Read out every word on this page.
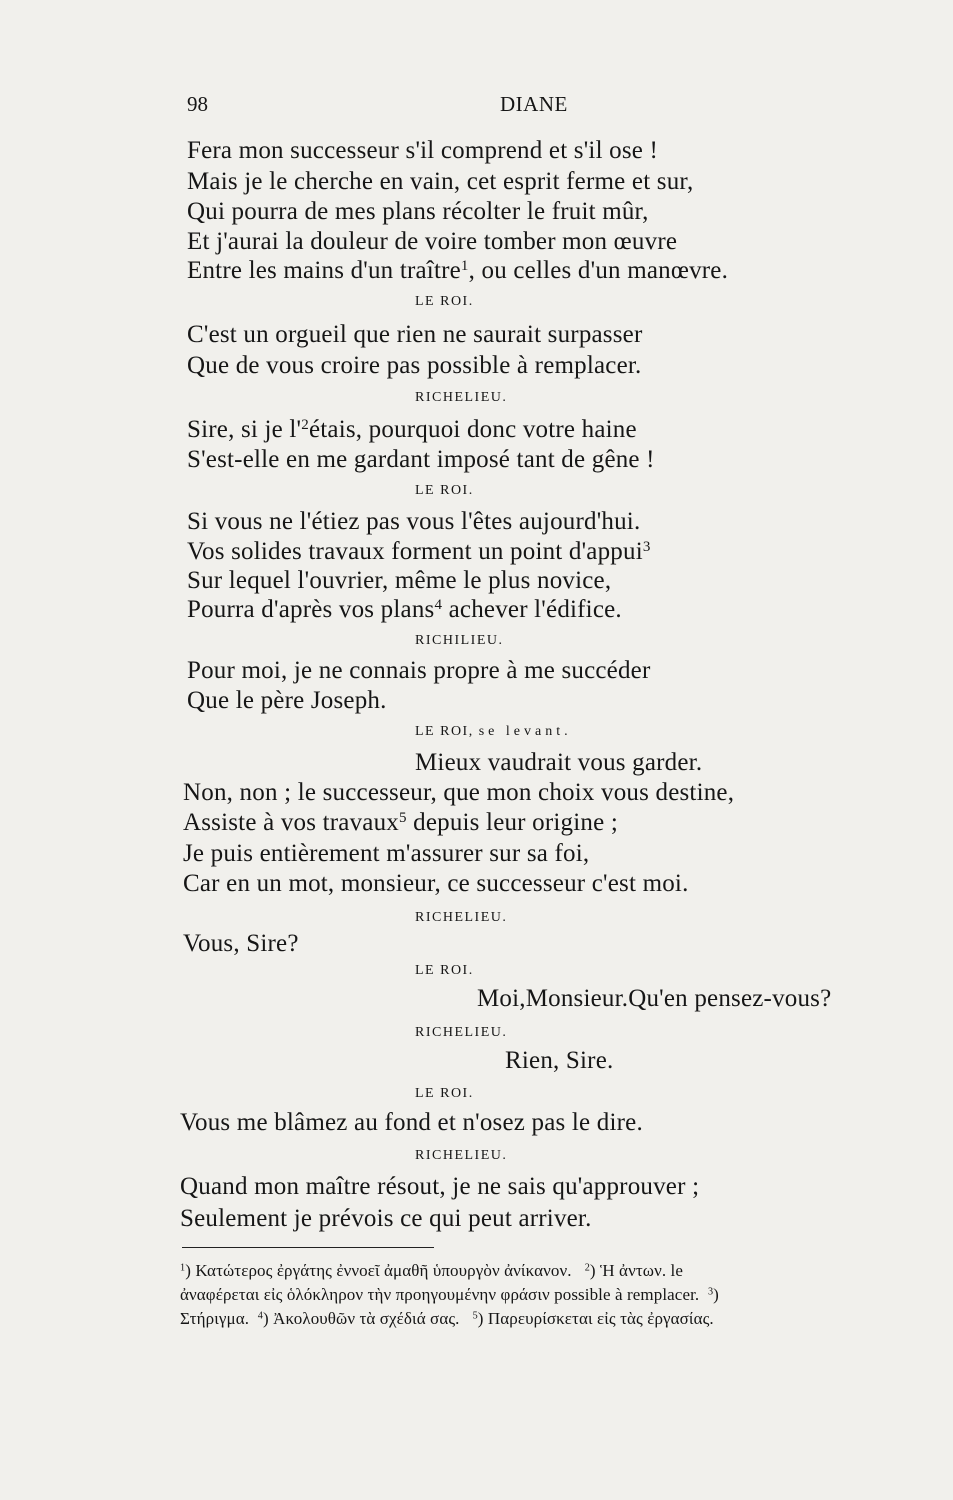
98	DIANE
Fera mon successeur s'il comprend et s'il ose !
Mais je le cherche en vain, cet esprit ferme et sur,
Qui pourra de mes plans récolter le fruit mûr,
Et j'aurai la douleur de voire tomber mon œuvre
Entre les mains d'un traître$^1$, ou celles d'un manœvre.
LE ROI.
C'est un orgueil que rien ne saurait surpasser
Que de vous croire pas possible à remplacer.
RICHELIEU.
Sire, si je $l'^2étais$, pourquoi donc votre haine
S'est-elle en me gardant imposé tant de gêne !
LE ROI.
Si vous ne l'étiez pas vous l'êtes aujourd'hui.
Vos solides travaux forment un point d'appui$^3$
Sur lequel l'ouvrier, même le plus novice,
Pourra d'après vos plans$^4$ achever l'édifice.
RICHILIEU.
Pour moi, je ne connais propre à me succéder
Que le père Joseph.
LE ROI, se levant.
Mieux vaudrait vous garder.
Non, non ; le successeur, que mon choix vous destine,
Assiste à vos travaux$^5$ depuis leur origine ;
Je puis entièrement m'assurer sur sa foi,
Car en un mot, monsieur, ce successeur c'est moi.
RICHELIEU.
Vous, Sire?
LE ROI.
Moi,Monsieur.Qu'en pensez-vous?
RICHELIEU.
Rien, Sire.
LE ROI.
Vous me blâmez au fond et n'osez pas le dire.
RICHELIEU.
Quand mon maître résout, je ne sais qu'approuver ;
Seulement je prévois ce qui peut arriver.
$^1$) Κατώτερος ἐργάτης ἐννοεῖ ἀμαθῆ ὑπουργὸν ἀνίκανον. $^2$) Ἡ ἀντων. le
ἀναφέρεται εἰς ὁλόκληρον τὴν προηγουμένην φράσιν possible à remplacer. $^3$)
Στήριγμα. $^4$) Ἀκολουθῶν τὰ σχέδιά σας. $^5$) Παρευρίσκεται εἰς τὰς ἐργασίας.
